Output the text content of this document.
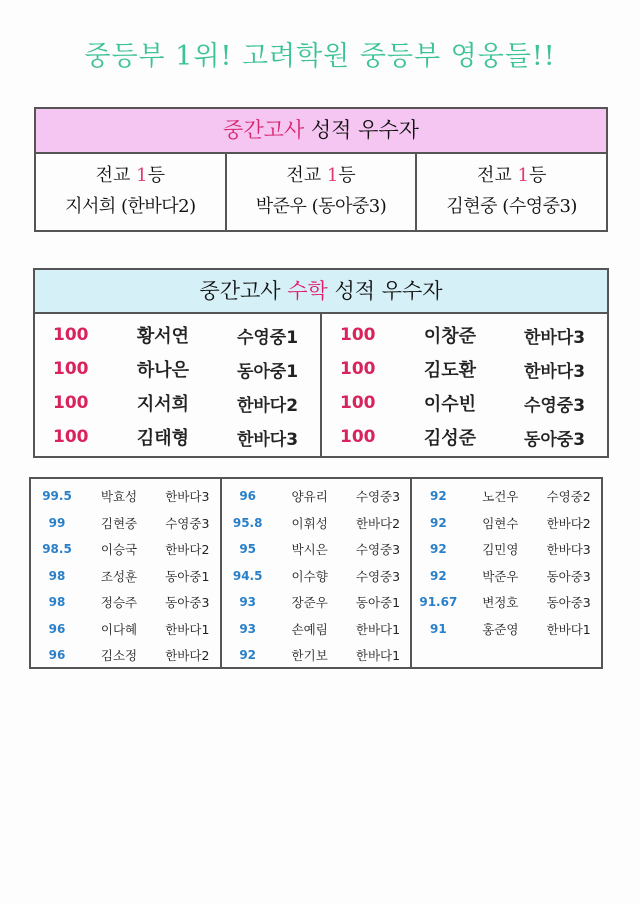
중등부 1위! 고려학원 중등부 영웅들!!
중간고사 성적 우수자
전교 1등
지서희 (한바다2)
전교 1등
박준우 (동아중3)
전교 1등
김현중 (수영중3)
중간고사 수학 성적 우수자
100	황서연	수영중1
100	하나은	동아중1
100	지서희	한바다2
100	김태형	한바다3
100	이창준	한바다3
100	김도환	한바다3
100	이수빈	수영중3
100	김성준	동아중3
99.5	박효성	한바다3
99	김현중	수영중3
98.5	이승국	한바다2
98	조성훈	동아중1
98	정승주	동아중3
96	이다혜	한바다1
96	김소정	한바다2
96	양유리	수영중3
95.8	이휘성	한바다2
95	박시은	수영중3
94.5	이수향	수영중3
93	장준우	동아중1
93	손예림	한바다1
92	한기보	한바다1
92	노건우	수영중2
92	임현수	한바다2
92	김민영	한바다3
92	박준우	동아중3
91.67	변정호	동아중3
91	홍준영	한바다1
